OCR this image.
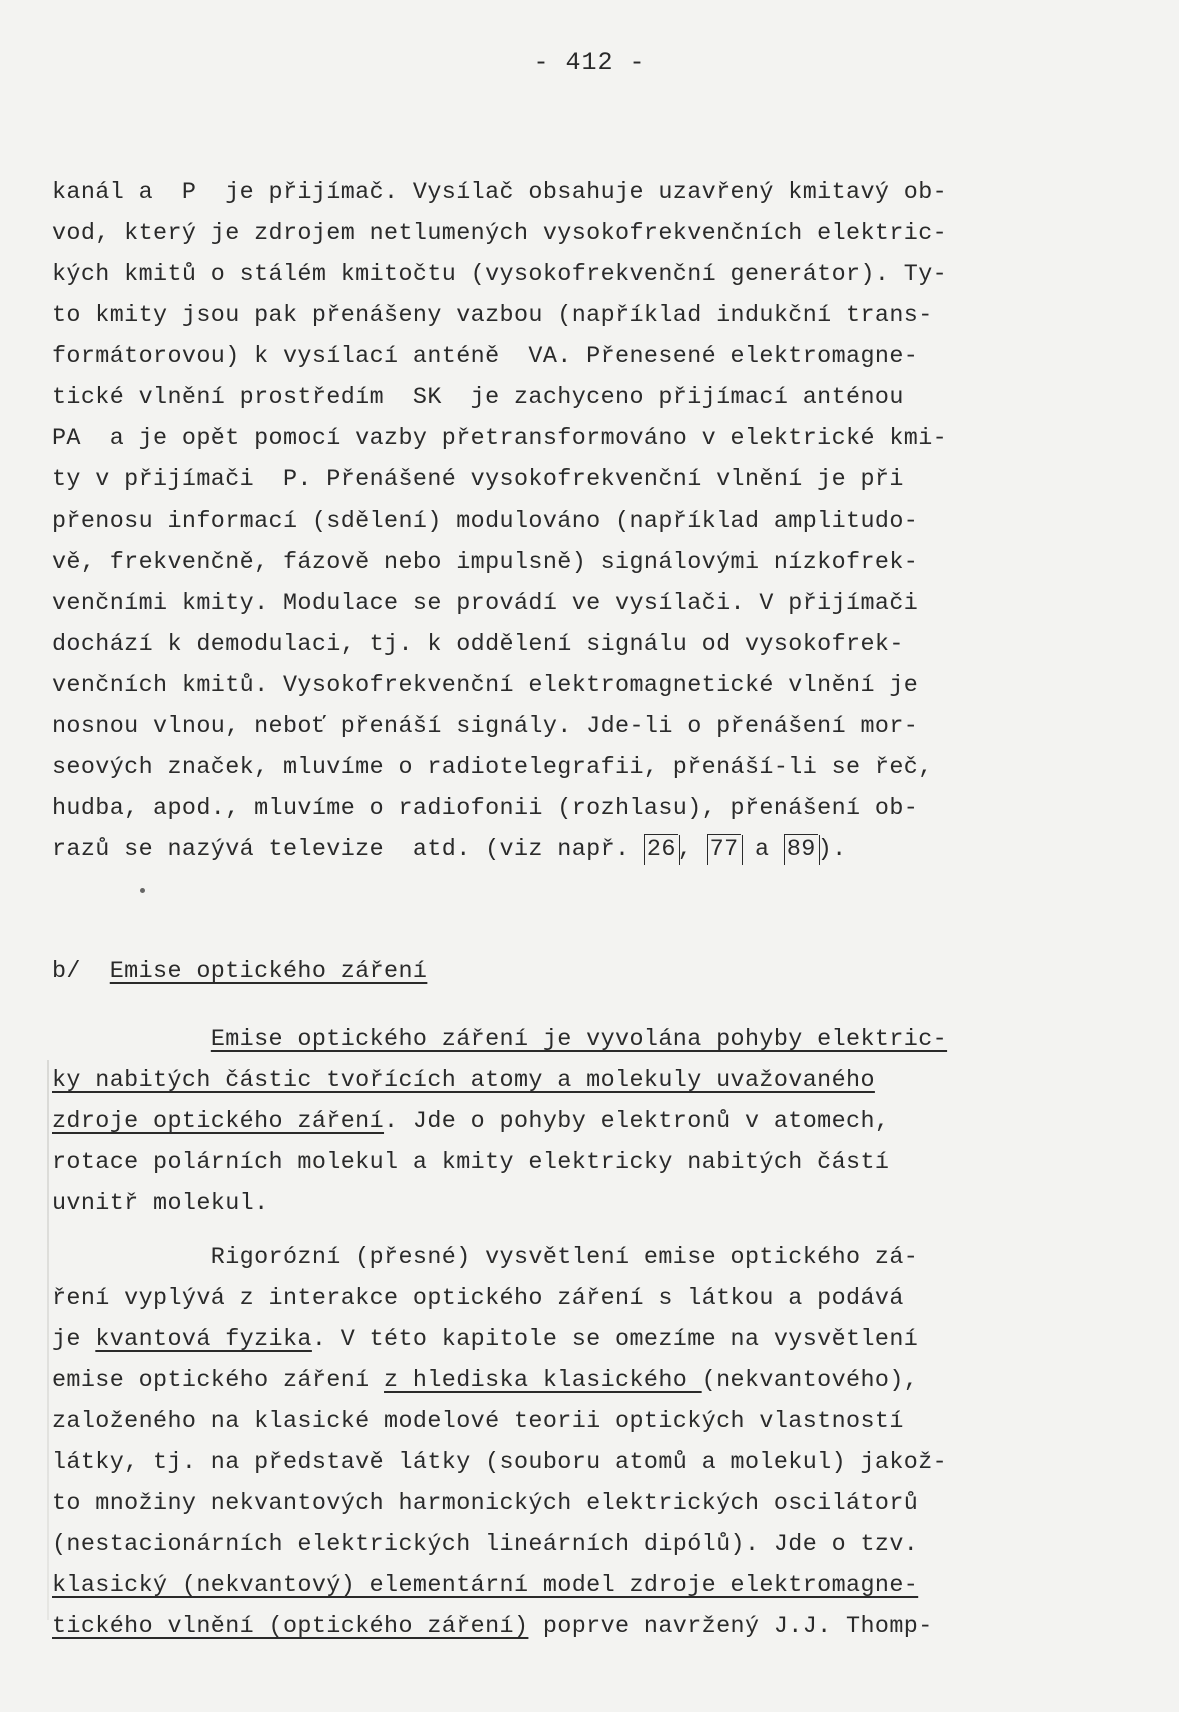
- 412 -
kanál a  P  je přijímač. Vysílač obsahuje uzavřený kmitavý ob-
vod, který je zdrojem netlumených vysokofrekvenčních elektric-
kých kmitů o stálém kmitočtu (vysokofrekvenční generátor). Ty-
to kmity jsou pak přenášeny vazbou (například indukční trans-
formátorovou) k vysílací anténě  VA. Přenesené elektromagne-
tické vlnění prostředím  SK  je zachyceno přijímací anténou
PA  a je opět pomocí vazby přetransformováno v elektrické kmi-
ty v přijímači  P. Přenášené vysokofrekvenční vlnění je při
přenosu informací (sdělení) modulováno (například amplitudo-
vě, frekvenčně, fázově nebo impulsně) signálovými nízkofrek-
venčními kmity. Modulace se provádí ve vysílači. V přijímači
dochází k demodulaci, tj. k oddělení signálu od vysokofrek-
venčních kmitů. Vysokofrekvenční elektromagnetické vlnění je
nosnou vlnou, neboť přenáší signály. Jde-li o přenášení mor-
seových značek, mluvíme o radiotelegrafii, přenáší-li se řeč,
hudba, apod., mluvíme o radiofonii (rozhlasu), přenášení ob-
razů se nazývá televize  atd. (viz např. 26, 77 a 89).
b/ Emise optického záření
Emise optického záření je vyvolána pohyby elektric-
ky nabitých částic tvořících atomy a molekuly uvažovaného
zdroje optického záření. Jde o pohyby elektronů v atomech,
rotace polárních molekul a kmity elektricky nabitých částí
uvnitř molekul.
Rigorózní (přesné) vysvětlení emise optického zá-
ření vyplývá z interakce optického záření s látkou a podává
je kvantová fyzika. V této kapitole se omezíme na vysvětlení
emise optického záření z hlediska klasického (nekvantového),
založeného na klasické modelové teorii optických vlastností
látky, tj. na představě látky (souboru atomů a molekul) jakož-
to množiny nekvantových harmonických elektrických oscilátorů
(nestacionárních elektrických lineárních dipólů). Jde o tzv.
klasický (nekvantový) elementární model zdroje elektromagne-
tického vlnění (optického záření) poprve navržený J.J. Thomp-
